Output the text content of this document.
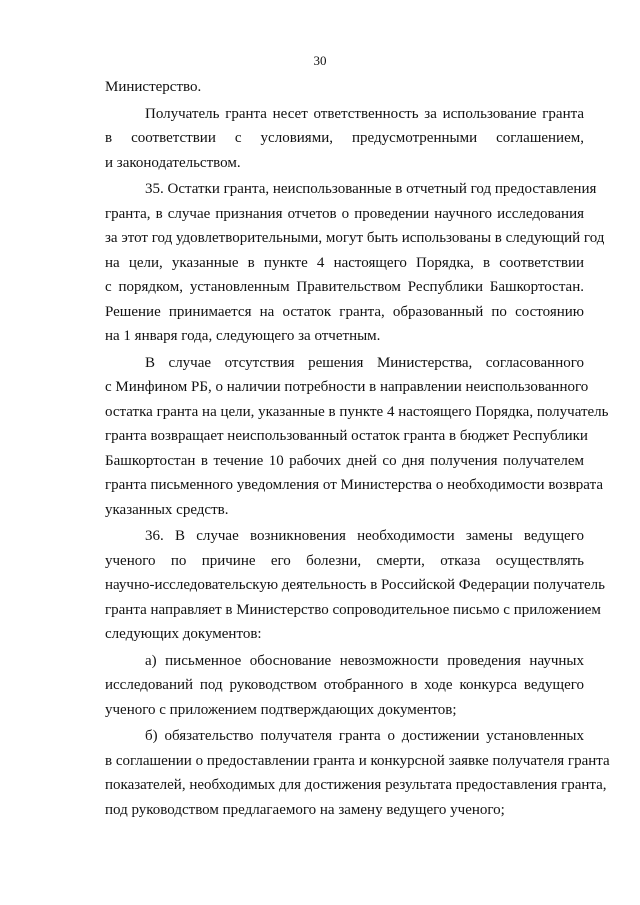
30

Министерство.

Получатель гранта несет ответственность за использование гранта
в соответствии с условиями, предусмотренными соглашением,
и законодательством.

35. Остатки гранта, неиспользованные в отчетный год предоставления
гранта, в случае признания отчетов о проведении научного исследования
за этот год удовлетворительными, могут быть использованы в следующий год
на цели, указанные в пункте 4 настоящего Порядка, в соответствии
с порядком, установленным Правительством Республики Башкортостан.
Решение принимается на остаток гранта, образованный по состоянию
на 1 января года, следующего за отчетным.

В случае отсутствия решения Министерства, согласованного
с Минфином РБ, о наличии потребности в направлении неиспользованного
остатка гранта на цели, указанные в пункте 4 настоящего Порядка, получатель
гранта возвращает неиспользованный остаток гранта в бюджет Республики
Башкортостан в течение 10 рабочих дней со дня получения получателем
гранта письменного уведомления от Министерства о необходимости возврата
указанных средств.

36. В случае возникновения необходимости замены ведущего
ученого по причине его болезни, смерти, отказа осуществлять
научно-исследовательскую деятельность в Российской Федерации получатель
гранта направляет в Министерство сопроводительное письмо с приложением
следующих документов:

а) письменное обоснование невозможности проведения научных
исследований под руководством отобранного в ходе конкурса ведущего
ученого с приложением подтверждающих документов;

б) обязательство получателя гранта о достижении установленных
в соглашении о предоставлении гранта и конкурсной заявке получателя гранта
показателей, необходимых для достижения результата предоставления гранта,
под руководством предлагаемого на замену ведущего ученого;
